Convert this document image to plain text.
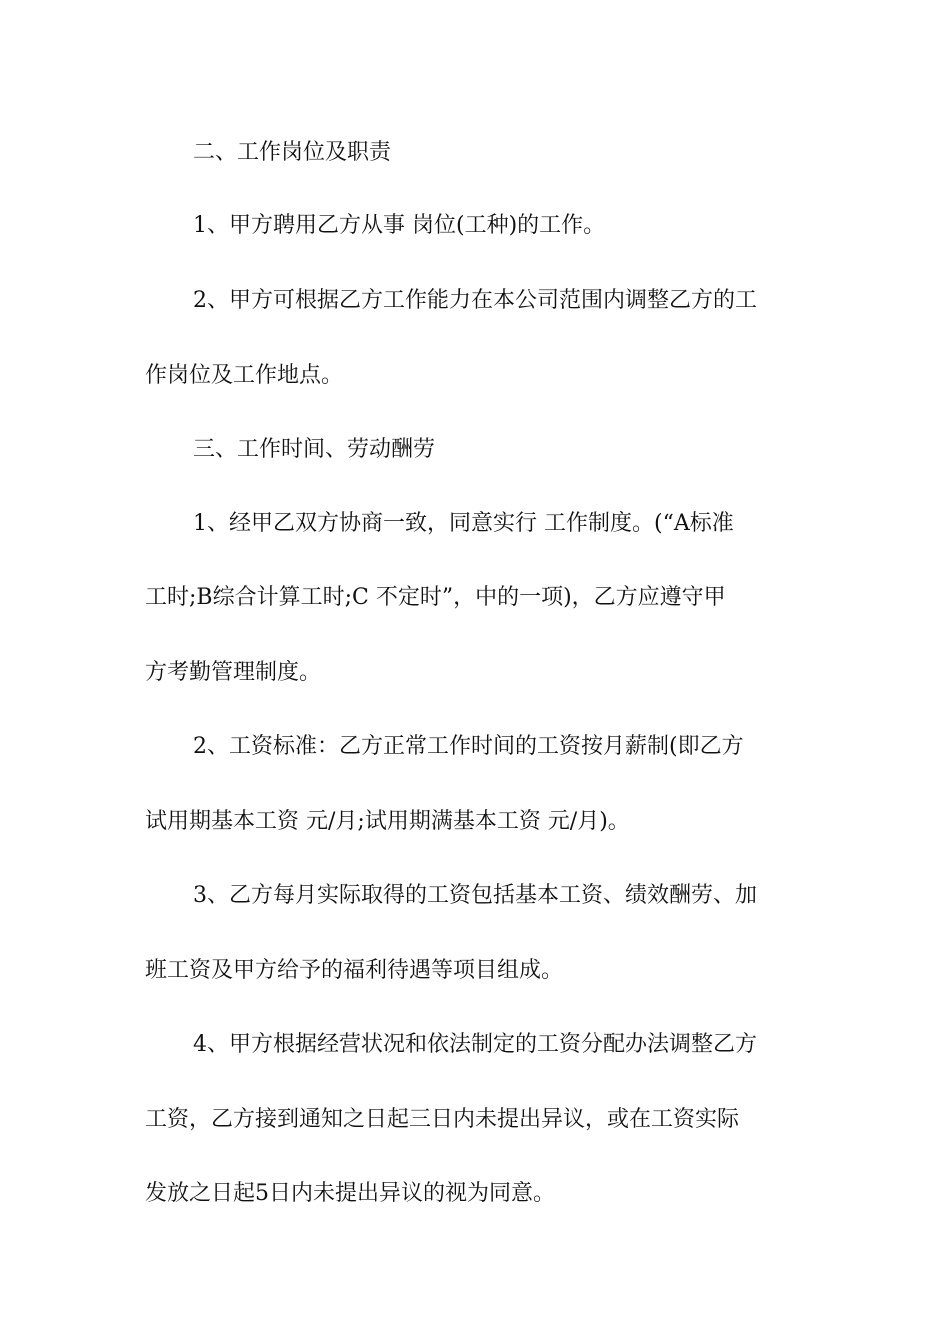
二、工作岗位及职责
1、甲方聘用乙方从事 岗位(工种)的工作。
2、甲方可根据乙方工作能力在本公司范围内调整乙方的工
作岗位及工作地点。
三、工作时间、劳动酬劳
1、经甲乙双方协商一致，同意实行 工作制度。(“A标准
工时;B综合计算工时;C 不定时”，中的一项)，乙方应遵守甲
方考勤管理制度。
2、工资标准：乙方正常工作时间的工资按月薪制(即乙方
试用期基本工资 元/月;试用期满基本工资 元/月)。
3、乙方每月实际取得的工资包括基本工资、绩效酬劳、加
班工资及甲方给予的福利待遇等项目组成。
4、甲方根据经营状况和依法制定的工资分配办法调整乙方
工资，乙方接到通知之日起三日内未提出异议，或在工资实际
发放之日起5日内未提出异议的视为同意。
